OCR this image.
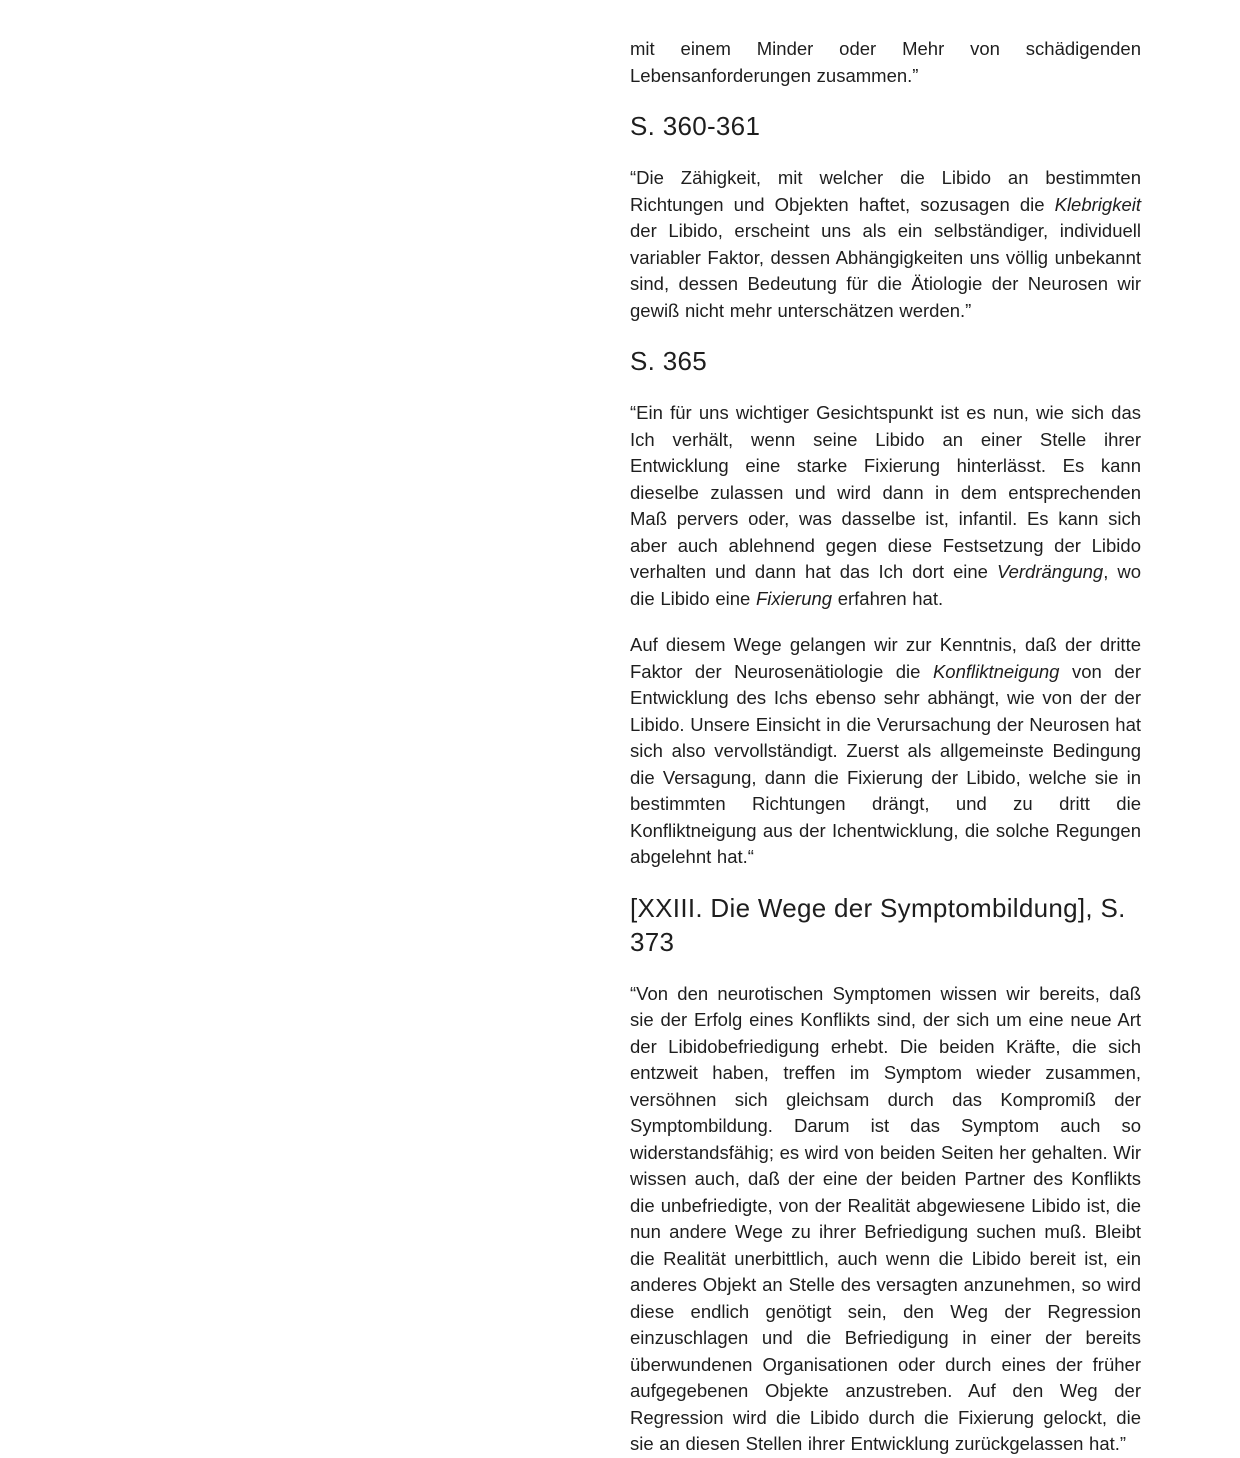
mit einem Minder oder Mehr von schädigenden Lebensanforderungen zusammen.”
S. 360-361
“Die Zähigkeit, mit welcher die Libido an bestimmten Richtungen und Objekten haftet, sozusagen die Klebrigkeit der Libido, erscheint uns als ein selbständiger, individuell variabler Faktor, dessen Abhängigkeiten uns völlig unbekannt sind, dessen Bedeutung für die Ätiologie der Neurosen wir gewiß nicht mehr unterschätzen werden.”
S. 365
“Ein für uns wichtiger Gesichtspunkt ist es nun, wie sich das Ich verhält, wenn seine Libido an einer Stelle ihrer Entwicklung eine starke Fixierung hinterlässt. Es kann dieselbe zulassen und wird dann in dem entsprechenden Maß pervers oder, was dasselbe ist, infantil. Es kann sich aber auch ablehnend gegen diese Festsetzung der Libido verhalten und dann hat das Ich dort eine Verdrängung, wo die Libido eine Fixierung erfahren hat.
Auf diesem Wege gelangen wir zur Kenntnis, daß der dritte Faktor der Neurosenätiologie die Konfliktneigung von der Entwicklung des Ichs ebenso sehr abhängt, wie von der der Libido. Unsere Einsicht in die Verursachung der Neurosen hat sich also vervollständigt. Zuerst als allgemeinste Bedingung die Versagung, dann die Fixierung der Libido, welche sie in bestimmten Richtungen drängt, und zu dritt die Konfliktneigung aus der Ichentwicklung, die solche Regungen abgelehnt hat.“
[XXIII. Die Wege der Symptombildung], S. 373
“Von den neurotischen Symptomen wissen wir bereits, daß sie der Erfolg eines Konflikts sind, der sich um eine neue Art der Libidobefriedigung erhebt. Die beiden Kräfte, die sich entzweit haben, treffen im Symptom wieder zusammen, versöhnen sich gleichsam durch das Kompromiß der Symptombildung. Darum ist das Symptom auch so widerstandsfähig; es wird von beiden Seiten her gehalten. Wir wissen auch, daß der eine der beiden Partner des Konflikts die unbefriedigte, von der Realität abgewiesene Libido ist, die nun andere Wege zu ihrer Befriedigung suchen muß. Bleibt die Realität unerbittlich, auch wenn die Libido bereit ist, ein anderes Objekt an Stelle des versagten anzunehmen, so wird diese endlich genötigt sein, den Weg der Regression einzuschlagen und die Befriedigung in einer der bereits überwundenen Organisationen oder durch eines der früher aufgegebenen Objekte anzustreben. Auf den Weg der Regression wird die Libido durch die Fixierung gelockt, die sie an diesen Stellen ihrer Entwicklung zurückgelassen hat.”
